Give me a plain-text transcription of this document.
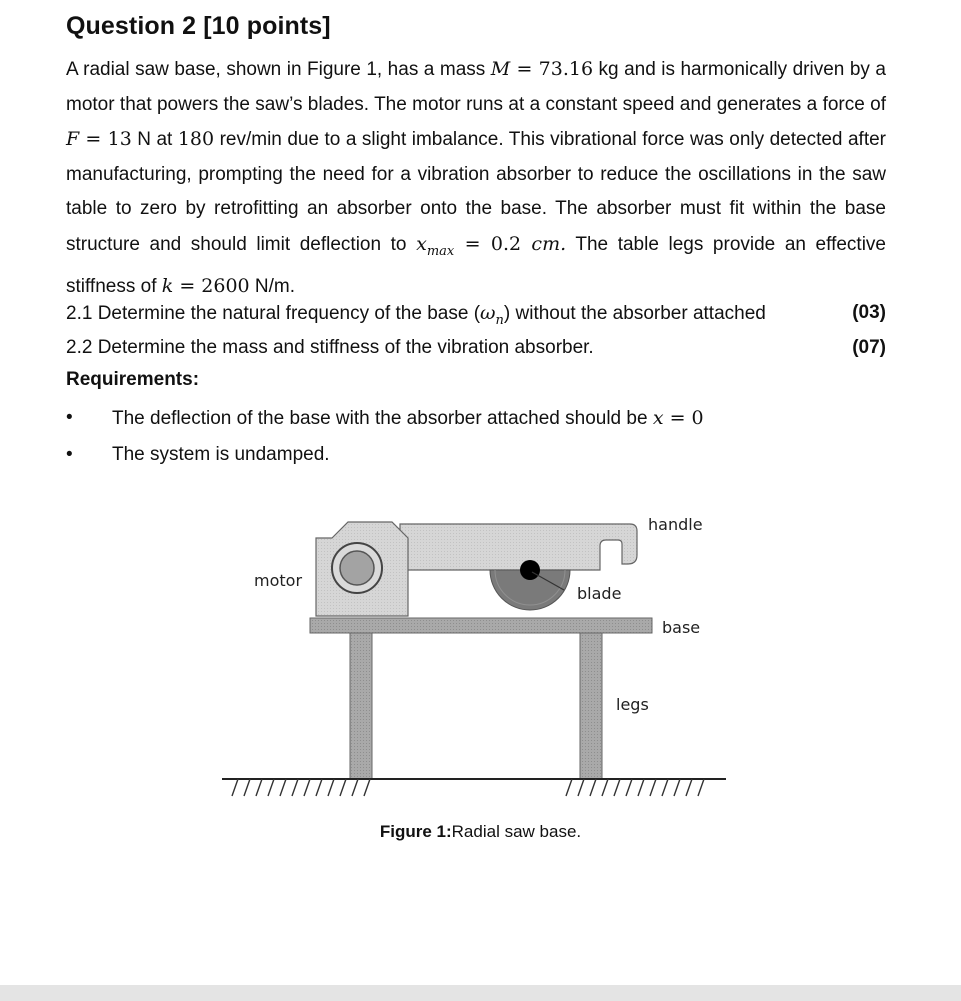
Question 2 [10 points]
A radial saw base, shown in Figure 1, has a mass M = 73.16 kg and is harmonically driven by a motor that powers the saw’s blades. The motor runs at a constant speed and generates a force of F = 13 N at 180 rev/min due to a slight imbalance. This vibrational force was only detected after manufacturing, prompting the need for a vibration absorber to reduce the oscillations in the saw table to zero by retrofitting an absorber onto the base. The absorber must fit within the base structure and should limit deflection to $x_{max} = 0.2$ cm. The table legs provide an effective stiffness of k = 2600 N/m.
2.1 Determine the natural frequency of the base $(\omega_n)$ without the absorber attached	(03)
2.2 Determine the mass and stiffness of the vibration absorber.	(07)
Requirements:
• The deflection of the base with the absorber attached should be x = 0
• The system is undamped.
handle
motor
blade
base
legs
Figure 1:Radial saw base.
